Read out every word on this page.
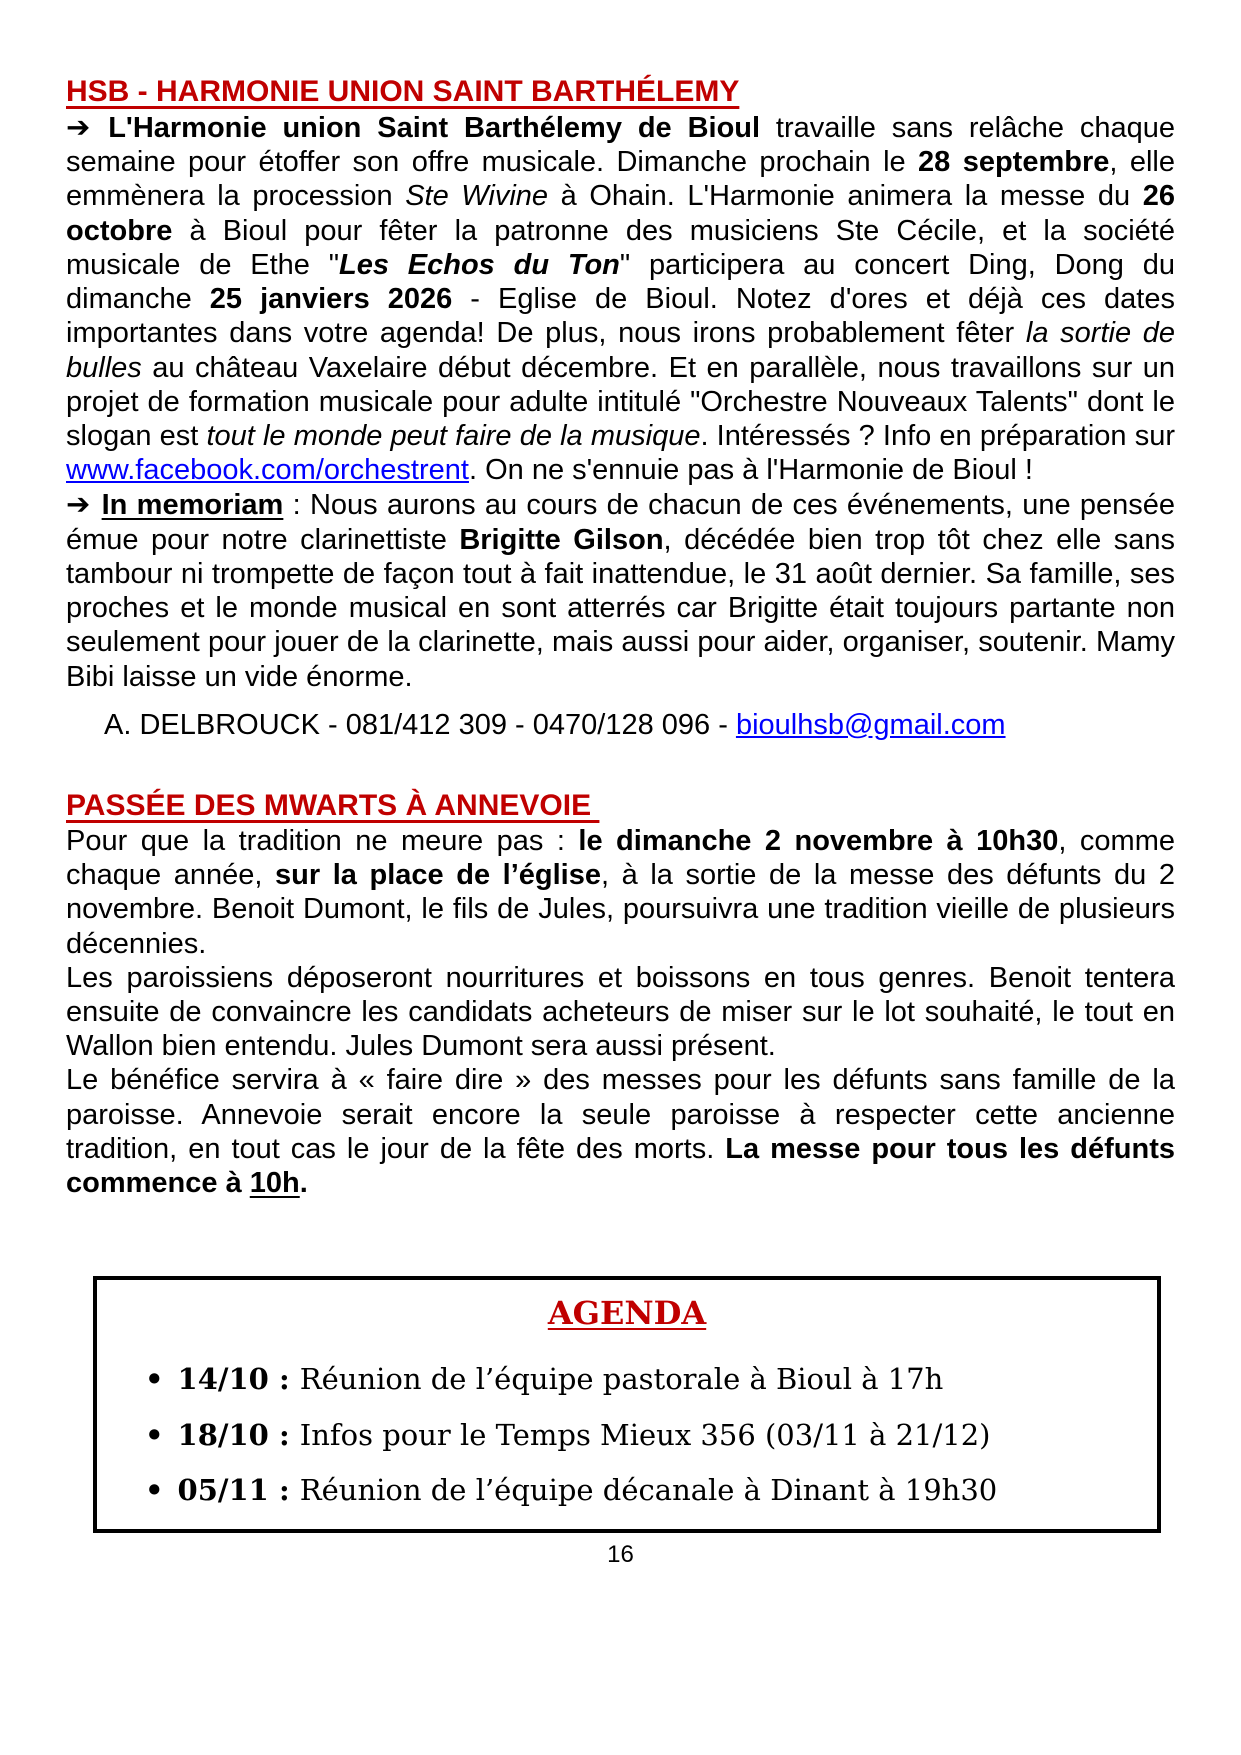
HSB - HARMONIE UNION SAINT BARTHÉLEMY

➔ L'Harmonie union Saint Barthélemy de Bioul travaille sans relâche chaque semaine pour étoffer son offre musicale. Dimanche prochain le 28 septembre, elle emmènera la procession Ste Wivine à Ohain. L'Harmonie animera la messe du 26 octobre à Bioul pour fêter la patronne des musiciens Ste Cécile, et la société musicale de Ethe "Les Echos du Ton" participera au concert Ding, Dong du dimanche 25 janviers 2026 - Eglise de Bioul. Notez d'ores et déjà ces dates importantes dans votre agenda! De plus, nous irons probablement fêter la sortie de bulles au château Vaxelaire début décembre. Et en parallèle, nous travaillons sur un projet de formation musicale pour adulte intitulé "Orchestre Nouveaux Talents" dont le slogan est tout le monde peut faire de la musique. Intéressés ? Info en préparation sur www.facebook.com/orchestrent. On ne s'ennuie pas à l'Harmonie de Bioul !

➔ In memoriam : Nous aurons au cours de chacun de ces événements, une pensée émue pour notre clarinettiste Brigitte Gilson, décédée bien trop tôt chez elle sans tambour ni trompette de façon tout à fait inattendue, le 31 août dernier. Sa famille, ses proches et le monde musical en sont atterrés car Brigitte était toujours partante non seulement pour jouer de la clarinette, mais aussi pour aider, organiser, soutenir. Mamy Bibi laisse un vide énorme.

A. DELBROUCK - 081/412 309 - 0470/128 096 - bioulhsb@gmail.com

PASSÉE DES MWARTS À ANNEVOIE

Pour que la tradition ne meure pas : le dimanche 2 novembre à 10h30, comme chaque année, sur la place de l’église, à la sortie de la messe des défunts du 2 novembre. Benoit Dumont, le fils de Jules, poursuivra une tradition vieille de plusieurs décennies.

Les paroissiens déposeront nourritures et boissons en tous genres. Benoit tentera ensuite de convaincre les candidats acheteurs de miser sur le lot souhaité, le tout en Wallon bien entendu. Jules Dumont sera aussi présent.

Le bénéfice servira à « faire dire » des messes pour les défunts sans famille de la paroisse. Annevoie serait encore la seule paroisse à respecter cette ancienne tradition, en tout cas le jour de la fête des morts. La messe pour tous les défunts commence à 10h.

AGENDA
• 14/10 : Réunion de l’équipe pastorale à Bioul à 17h
• 18/10 : Infos pour le Temps Mieux 356 (03/11 à 21/12)
• 05/11 : Réunion de l’équipe décanale à Dinant à 19h30
16
